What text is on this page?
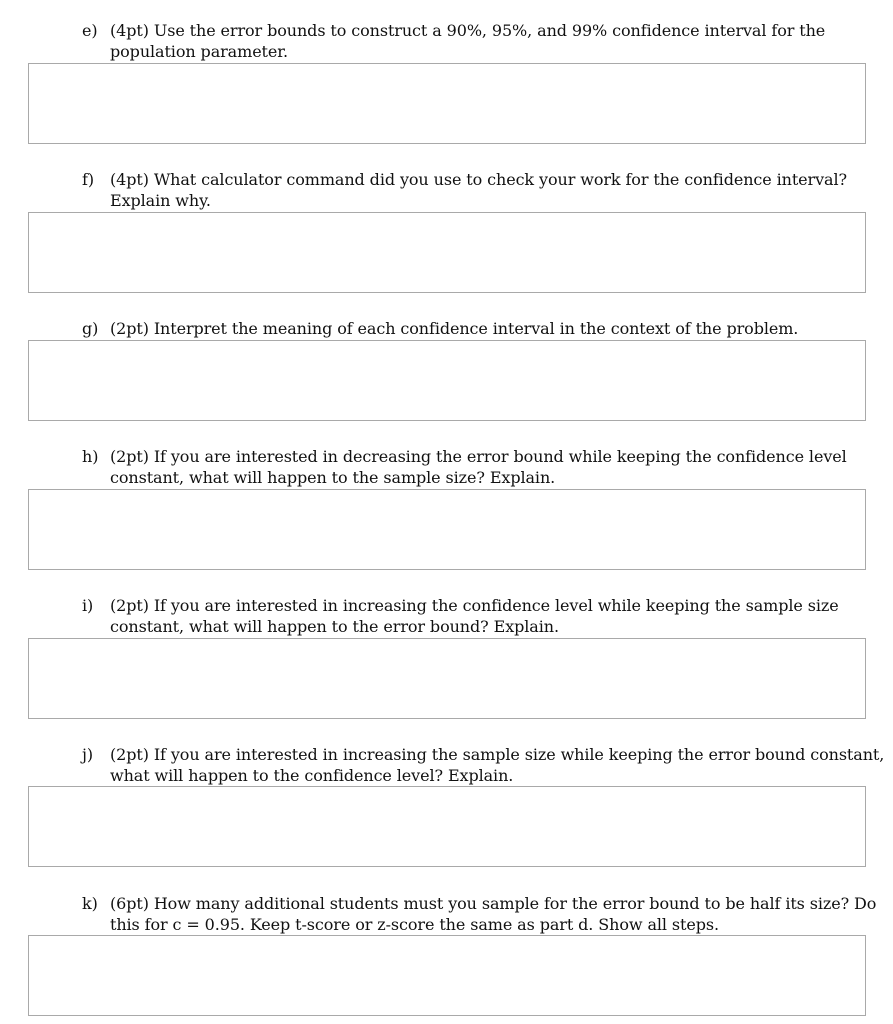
e) (4pt) Use the error bounds to construct a 90%, 95%, and 99% confidence interval for the
population parameter.
f)	(4pt) What calculator command did you use to check your work for the confidence interval?
Explain why.
g) (2pt) Interpret the meaning of each confidence interval in the context of the problem.
h) (2pt) If you are interested in decreasing the error bound while keeping the confidence level
constant, what will happen to the sample size? Explain.
i)	(2pt) If you are interested in increasing the confidence level while keeping the sample size
constant, what will happen to the error bound? Explain.
j)	(2pt) If you are interested in increasing the sample size while keeping the error bound constant,
what will happen to the confidence level? Explain.
k) (6pt) How many additional students must you sample for the error bound to be half its size? Do
this for c = 0.95. Keep t-score or z-score the same as part d. Show all steps.
